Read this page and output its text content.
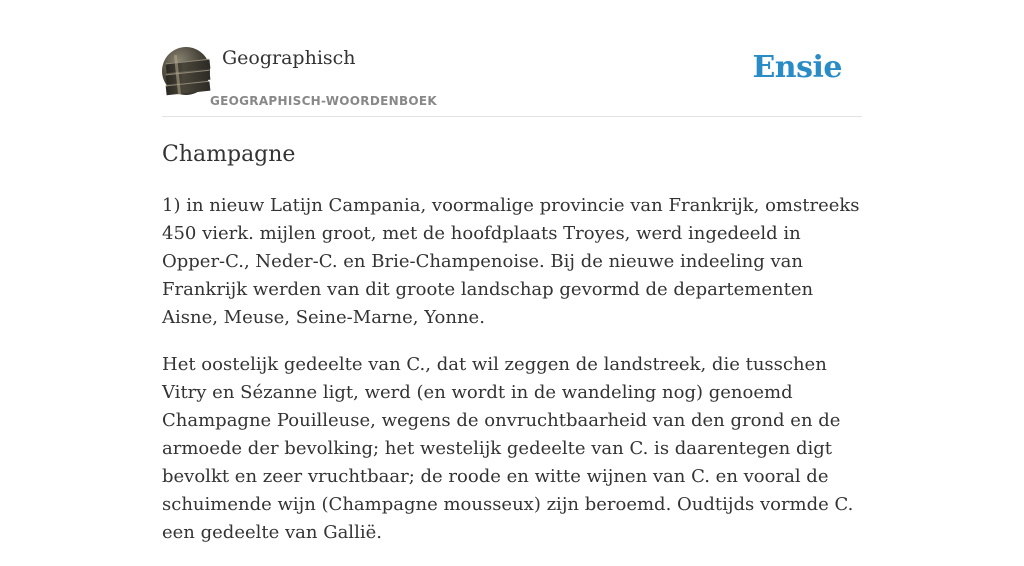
Geographisch
GEOGRAPHISCH-WOORDENBOEK
Ensie
Champagne

1) in nieuw Latijn Campania, voormalige provincie van Frankrijk, omstreeks 450 vierk. mijlen groot, met de hoofdplaats Troyes, werd ingedeeld in Opper-C., Neder-C. en Brie-Champenoise. Bij de nieuwe indeeling van Frankrijk werden van dit groote landschap gevormd de departementen Aisne, Meuse, Seine-Marne, Yonne.

Het oostelijk gedeelte van C., dat wil zeggen de landstreek, die tusschen Vitry en Sézanne ligt, werd (en wordt in de wandeling nog) genoemd Champagne Pouilleuse, wegens de onvruchtbaarheid van den grond en de armoede der bevolking; het westelijk gedeelte van C. is daarentegen digt bevolkt en zeer vruchtbaar; de roode en witte wijnen van C. en vooral de schuimende wijn (Champagne mousseux) zijn beroemd. Oudtijds vormde C. een gedeelte van Gallië.
